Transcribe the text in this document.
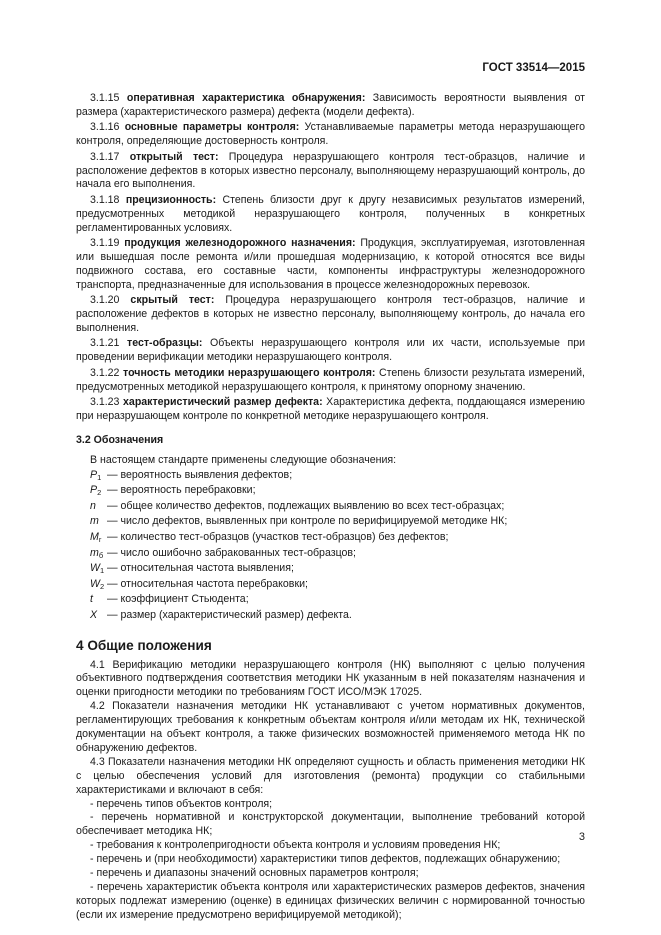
ГОСТ 33514—2015

3.1.15 оперативная характеристика обнаружения: Зависимость вероятности выявления от размера (характеристического размера) дефекта (модели дефекта).

3.1.16 основные параметры контроля: Устанавливаемые параметры метода неразрушающего контроля, определяющие достоверность контроля.

3.1.17 открытый тест: Процедура неразрушающего контроля тест-образцов, наличие и расположение дефектов в которых известно персоналу, выполняющему неразрушающий контроль, до начала его выполнения.

3.1.18 прецизионность: Степень близости друг к другу независимых результатов измерений, предусмотренных методикой неразрушающего контроля, полученных в конкретных регламентированных условиях.

3.1.19 продукция железнодорожного назначения: Продукция, эксплуатируемая, изготовленная или вышедшая после ремонта и/или прошедшая модернизацию, к которой относятся все виды подвижного состава, его составные части, компоненты инфраструктуры железнодорожного транспорта, предназначенные для использования в процессе железнодорожных перевозок.

3.1.20 скрытый тест: Процедура неразрушающего контроля тест-образцов, наличие и расположение дефектов в которых не известно персоналу, выполняющему контроль, до начала его выполнения.

3.1.21 тест-образцы: Объекты неразрушающего контроля или их части, используемые при проведении верификации методики неразрушающего контроля.

3.1.22 точность методики неразрушающего контроля: Степень близости результата измерений, предусмотренных методикой неразрушающего контроля, к принятому опорному значению.

3.1.23 характеристический размер дефекта: Характеристика дефекта, поддающаяся измерению при неразрушающем контроле по конкретной методике неразрушающего контроля.

3.2 Обозначения

В настоящем стандарте применены следующие обозначения:

$P_1$ — вероятность выявления дефектов;
$P_2$ — вероятность перебраковки;
n — общее количество дефектов, подлежащих выявлению во всех тест-образцах;
m — число дефектов, выявленных при контроле по верифицируемой методике НК;
$M_r$ — количество тест-образцов (участков тест-образцов) без дефектов;
$m_б$ — число ошибочно забракованных тест-образцов;
$W_1$ — относительная частота выявления;
$W_2$ — относительная частота перебраковки;
t — коэффициент Стьюдента;
X — размер (характеристический размер) дефекта.
4 Общие положения

4.1 Верификацию методики неразрушающего контроля (НК) выполняют с целью получения объективного подтверждения соответствия методики НК указанным в ней показателям назначения и оценки пригодности методики по требованиям ГОСТ ИСО/МЭК 17025.

4.2 Показатели назначения методики НК устанавливают с учетом нормативных документов, регламентирующих требования к конкретным объектам контроля и/или методам их НК, технической документации на объект контроля, а также физических возможностей применяемого метода НК по обнаружению дефектов.

4.3 Показатели назначения методики НК определяют сущность и область применения методики НК с целью обеспечения условий для изготовления (ремонта) продукции со стабильными характеристиками и включают в себя:

- перечень типов объектов контроля;

- перечень нормативной и конструкторской документации, выполнение требований которой обеспечивает методика НК;

- требования к контролепригодности объекта контроля и условиям проведения НК;

- перечень и (при необходимости) характеристики типов дефектов, подлежащих обнаружению;

- перечень и диапазоны значений основных параметров контроля;

- перечень характеристик объекта контроля или характеристических размеров дефектов, значения которых подлежат измерению (оценке) в единицах физических величин с нормированной точностью (если их измерение предусмотрено верифицируемой методикой);

3
